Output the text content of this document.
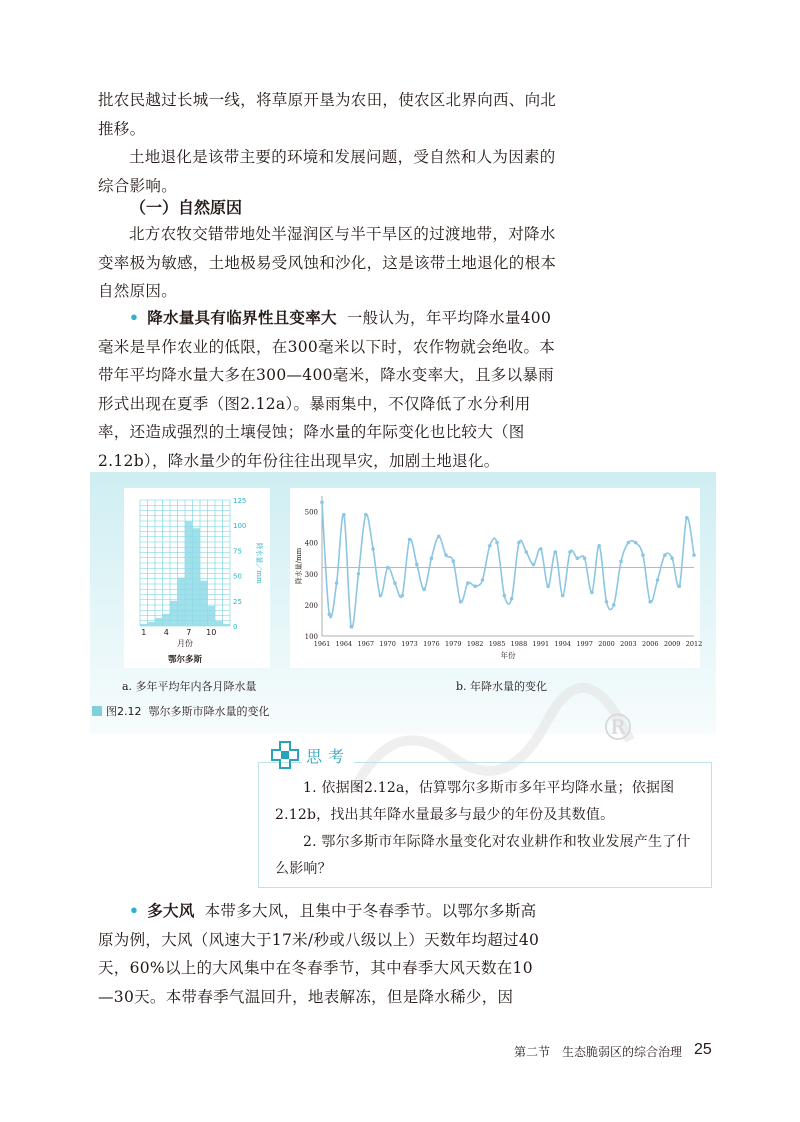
批农民越过长城一线，将草原开垦为农田，使农区北界向西、向北推移。

土地退化是该带主要的环境和发展问题，受自然和人为因素的综合影响。

（一）自然原因

北方农牧交错带地处半湿润区与半干旱区的过渡地带，对降水变率极为敏感，土地极易受风蚀和沙化，这是该带土地退化的根本自然原因。

• 降水量具有临界性且变率大 一般认为，年平均降水量400毫米是旱作农业的低限，在300毫米以下时，农作物就会绝收。本带年平均降水量大多在300—400毫米，降水变率大，且多以暴雨形式出现在夏季（图2.12a）。暴雨集中，不仅降低了水分利用率，还造成强烈的土壤侵蚀；降水量的年际变化也比较大（图2.12b），降水量少的年份往往出现旱灾，加剧土地退化。

0
25
50
75
100
125
1 4 7 10
月份
鄂尔多斯
降水量／mm
100
200
300
400
500
1961 1964 1967 1970 1973 1976 1979 1982 1985 1988 1991 1994 1997 2000 2003 2006 2009 2012
年份
降水量/mm
a. 多年平均年内各月降水量	b. 年降水量的变化
图2.12 鄂尔多斯市降水量的变化	®
思考

1. 依据图2.12a，估算鄂尔多斯市多年平均降水量；依据图2.12b，找出其年降水量最多与最少的年份及其数值。

2. 鄂尔多斯市年际降水量变化对农业耕作和牧业发展产生了什么影响？

• 多大风 本带多大风，且集中于冬春季节。以鄂尔多斯高原为例，大风（风速大于17米/秒或八级以上）天数年均超过40天，60%以上的大风集中在冬春季节，其中春季大风天数在10—30天。本带春季气温回升，地表解冻，但是降水稀少，因

第二节　生态脆弱区的综合治理 25
